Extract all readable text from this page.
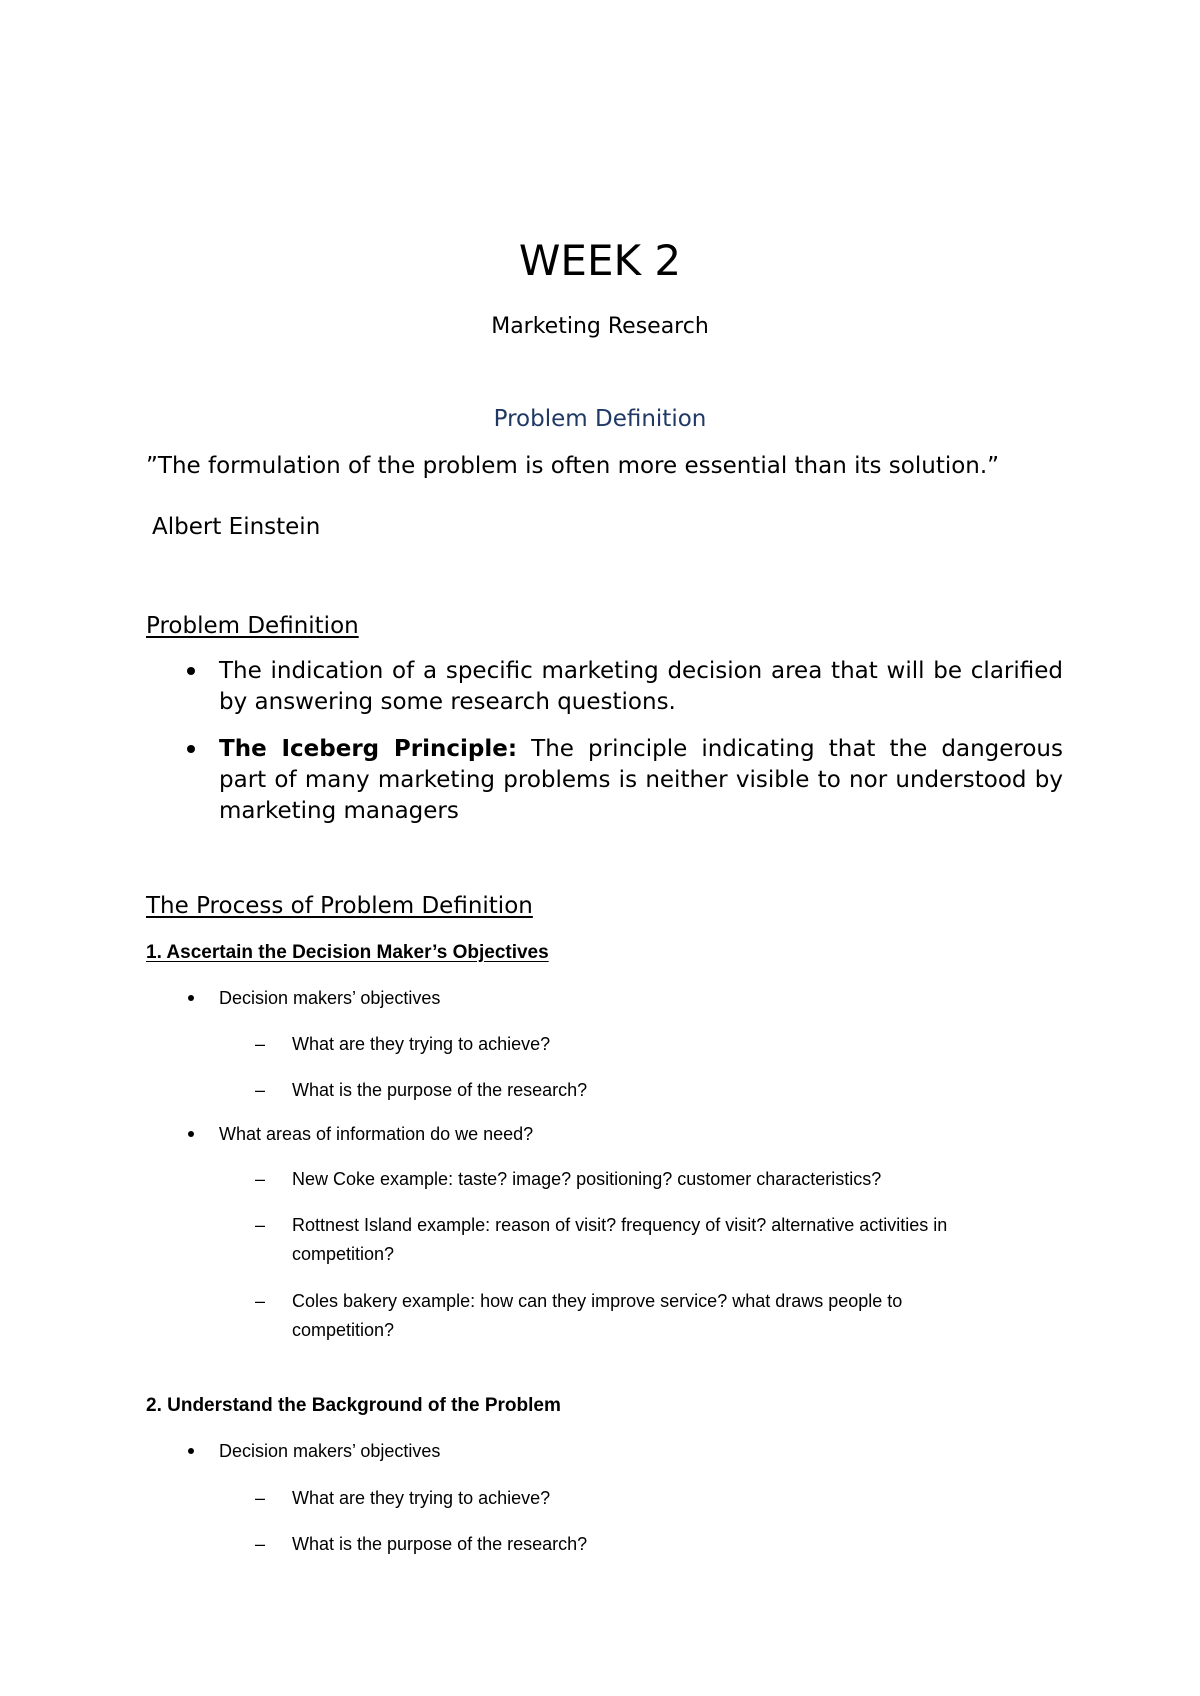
WEEK 2
Marketing Research
Problem Definition
”The formulation of the problem is often more essential than its solution.”
Albert Einstein
Problem Definition
The indication of a specific marketing decision area that will be clarified by answering some research questions.
The Iceberg Principle: The principle indicating that the dangerous part of many marketing problems is neither visible to nor understood by marketing managers
The Process of Problem Definition
1. Ascertain the Decision Maker’s Objectives
Decision makers’ objectives
– What are they trying to achieve?
– What is the purpose of the research?
What areas of information do we need?
– New Coke example: taste? image? positioning? customer characteristics?
– Rottnest Island example: reason of visit? frequency of visit? alternative activities in
competition?
– Coles bakery example: how can they improve service? what draws people to
competition?
2. Understand the Background of the Problem
Decision makers’ objectives
– What are they trying to achieve?
– What is the purpose of the research?
